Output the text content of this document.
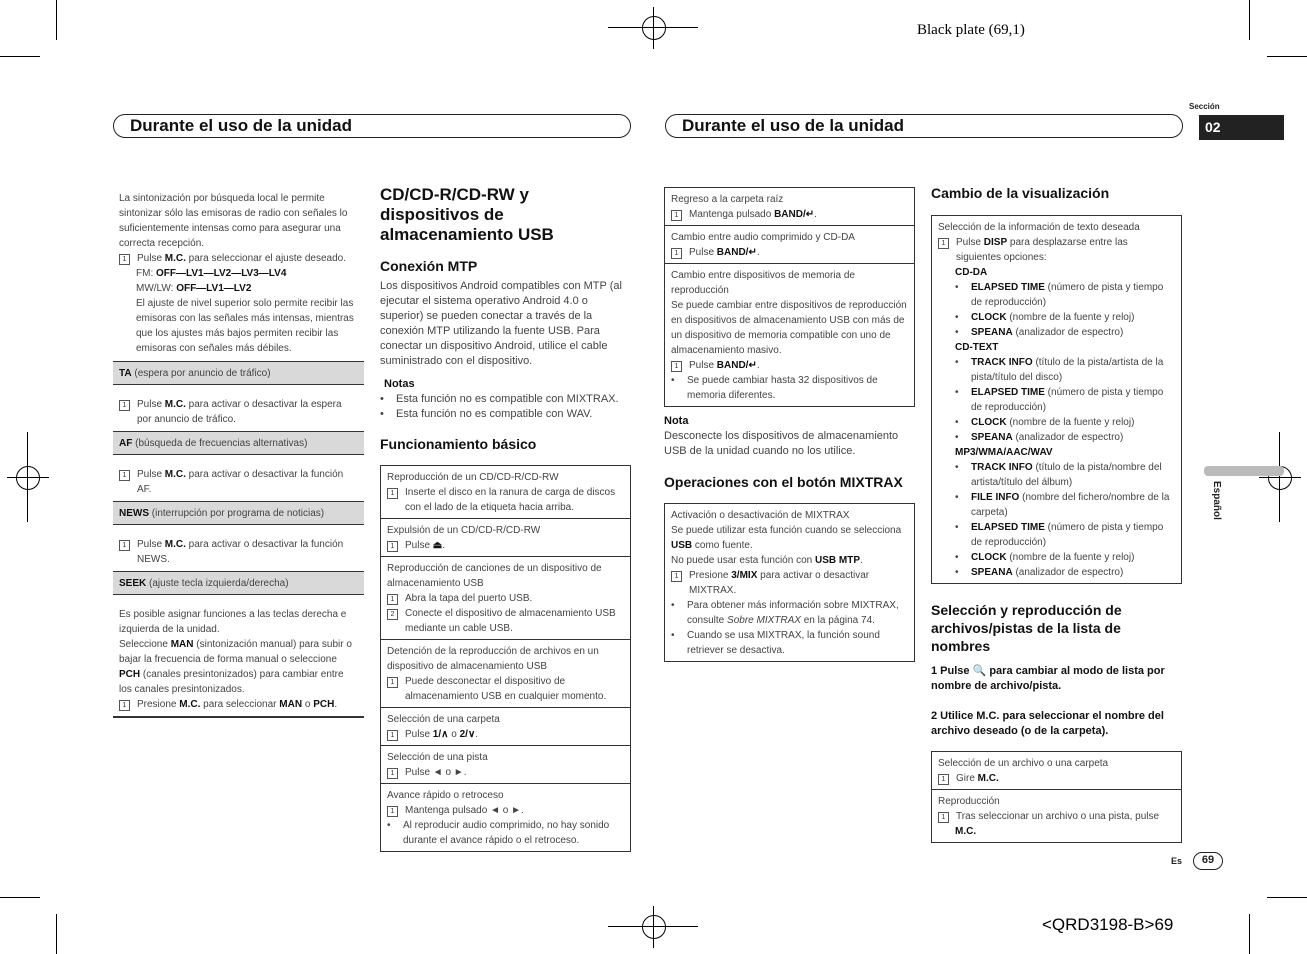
Black plate (69,1)
<QRD3198-B>69
Durante el uso de la unidad	Durante el uso de la unidad
Sección
02
Español
Es	69
La sintonización por búsqueda local le permite sintonizar sólo las emisoras de radio con señales lo suficientemente intensas como para asegurar una correcta recepción.
1	Pulse M.C. para seleccionar el ajuste deseado.
FM: OFF—LV1—LV2—LV3—LV4
MW/LW: OFF—LV1—LV2
El ajuste de nivel superior solo permite recibir las emisoras con las señales más intensas, mientras que los ajustes más bajos permiten recibir las emisoras con señales más débiles.
TA (espera por anuncio de tráfico)
1	Pulse M.C. para activar o desactivar la espera por anuncio de tráfico.
AF (búsqueda de frecuencias alternativas)
1	Pulse M.C. para activar o desactivar la función AF.
NEWS (interrupción por programa de noticias)
1	Pulse M.C. para activar o desactivar la función NEWS.
SEEK (ajuste tecla izquierda/derecha)
Es posible asignar funciones a las teclas derecha e izquierda de la unidad.
Seleccione MAN (sintonización manual) para subir o bajar la frecuencia de forma manual o seleccione PCH (canales presintonizados) para cambiar entre los canales presintonizados.
1	Presione M.C. para seleccionar MAN o PCH.
CD/CD-R/CD-RW y dispositivos de almacenamiento USB
Conexión MTP
Los dispositivos Android compatibles con MTP (al ejecutar el sistema operativo Android 4.0 o superior) se pueden conectar a través de la conexión MTP utilizando la fuente USB. Para conectar un dispositivo Android, utilice el cable suministrado con el dispositivo.
Notas
•	Esta función no es compatible con MIXTRAX.
•	Esta función no es compatible con WAV.
Funcionamiento básico
Reproducción de un CD/CD-R/CD-RW
1	Inserte el disco en la ranura de carga de discos con el lado de la etiqueta hacia arriba.
Expulsión de un CD/CD-R/CD-RW
1	Pulse ⏏.
Reproducción de canciones de un dispositivo de almacenamiento USB
1	Abra la tapa del puerto USB.
2	Conecte el dispositivo de almacenamiento USB mediante un cable USB.
Detención de la reproducción de archivos en un dispositivo de almacenamiento USB
1	Puede desconectar el dispositivo de almacenamiento USB en cualquier momento.
Selección de una carpeta
1	Pulse 1/∧ o 2/∨.
Selección de una pista
1	Pulse ◄ o ►.
Avance rápido o retroceso
1	Mantenga pulsado ◄ o ►.
•	Al reproducir audio comprimido, no hay sonido durante el avance rápido o el retroceso.
Regreso a la carpeta raíz
1	Mantenga pulsado BAND/↵.
Cambio entre audio comprimido y CD-DA
1	Pulse BAND/↵.
Cambio entre dispositivos de memoria de reproducción
Se puede cambiar entre dispositivos de reproducción en dispositivos de almacenamiento USB con más de un dispositivo de memoria compatible con uno de almacenamiento masivo.
1	Pulse BAND/↵.
•	Se puede cambiar hasta 32 dispositivos de memoria diferentes.
Nota
Desconecte los dispositivos de almacenamiento USB de la unidad cuando no los utilice.
Operaciones con el botón MIXTRAX
Activación o desactivación de MIXTRAX
Se puede utilizar esta función cuando se selecciona USB como fuente.
No puede usar esta función con USB MTP.
1	Presione 3/MIX para activar o desactivar MIXTRAX.
•	Para obtener más información sobre MIXTRAX, consulte Sobre MIXTRAX en la página 74.
•	Cuando se usa MIXTRAX, la función sound retriever se desactiva.
Cambio de la visualización
Selección de la información de texto deseada
1	Pulse DISP para desplazarse entre las siguientes opciones:
CD-DA
•	ELAPSED TIME (número de pista y tiempo de reproducción)
•	CLOCK (nombre de la fuente y reloj)
•	SPEANA (analizador de espectro)
CD-TEXT
•	TRACK INFO (título de la pista/artista de la pista/título del disco)
•	ELAPSED TIME (número de pista y tiempo de reproducción)
•	CLOCK (nombre de la fuente y reloj)
•	SPEANA (analizador de espectro)
MP3/WMA/AAC/WAV
•	TRACK INFO (título de la pista/nombre del artista/título del álbum)
•	FILE INFO (nombre del fichero/nombre de la carpeta)
•	ELAPSED TIME (número de pista y tiempo de reproducción)
•	CLOCK (nombre de la fuente y reloj)
•	SPEANA (analizador de espectro)
Selección y reproducción de archivos/pistas de la lista de nombres
1 Pulse 🔍 para cambiar al modo de lista por nombre de archivo/pista.
2 Utilice M.C. para seleccionar el nombre del archivo deseado (o de la carpeta).
Selección de un archivo o una carpeta
1	Gire M.C.
Reproducción
1	Tras seleccionar un archivo o una pista, pulse
M.C.
